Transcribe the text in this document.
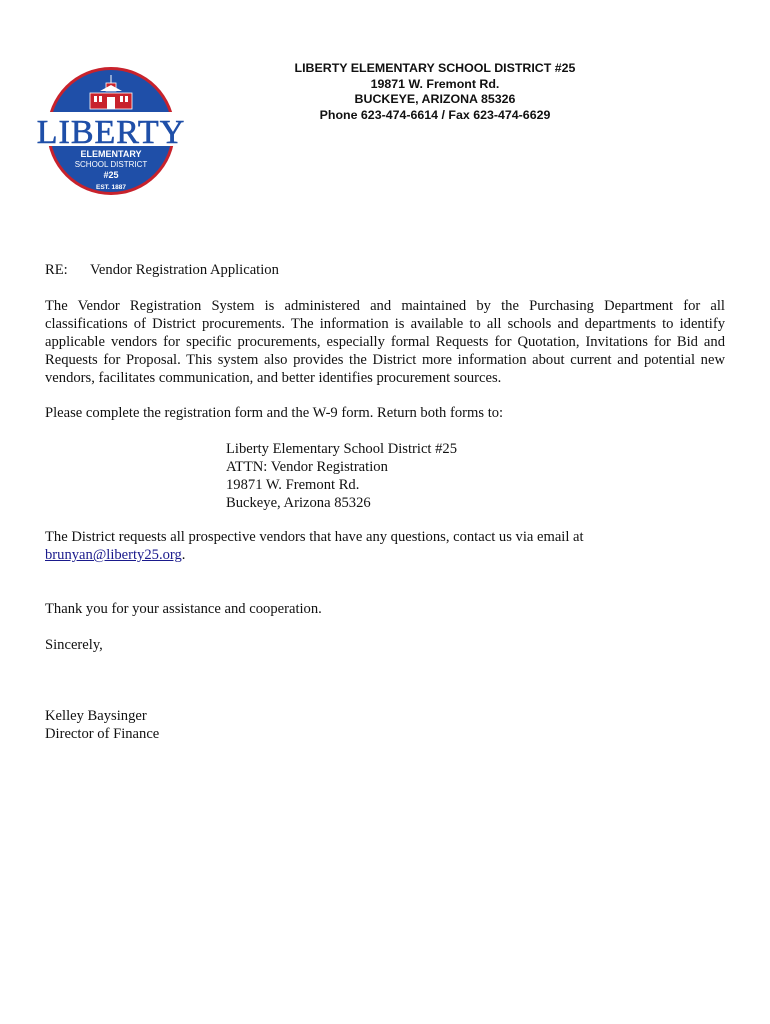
LIBERTY
ELEMENTARY
SCHOOL DISTRICT
#25
EST. 1887
LIBERTY ELEMENTARY SCHOOL DISTRICT #25
19871 W. Fremont Rd.
BUCKEYE, ARIZONA 85326
Phone 623-474-6614 / Fax 623-474-6629
RE: Vendor Registration Application
The Vendor Registration System is administered and maintained by the Purchasing Department for all
classifications of District procurements. The information is available to all schools and departments to identify
applicable vendors for specific procurements, especially formal Requests for Quotation, Invitations for Bid and
Requests for Proposal. This system also provides the District more information about current and potential new
vendors, facilitates communication, and better identifies procurement sources.
Please complete the registration form and the W-9 form. Return both forms to:
Liberty Elementary School District #25
ATTN: Vendor Registration
19871 W. Fremont Rd.
Buckeye, Arizona 85326
The District requests all prospective vendors that have any questions, contact us via email at
brunyan@liberty25.org.
Thank you for your assistance and cooperation.
Sincerely,
Kelley Baysinger
Director of Finance
